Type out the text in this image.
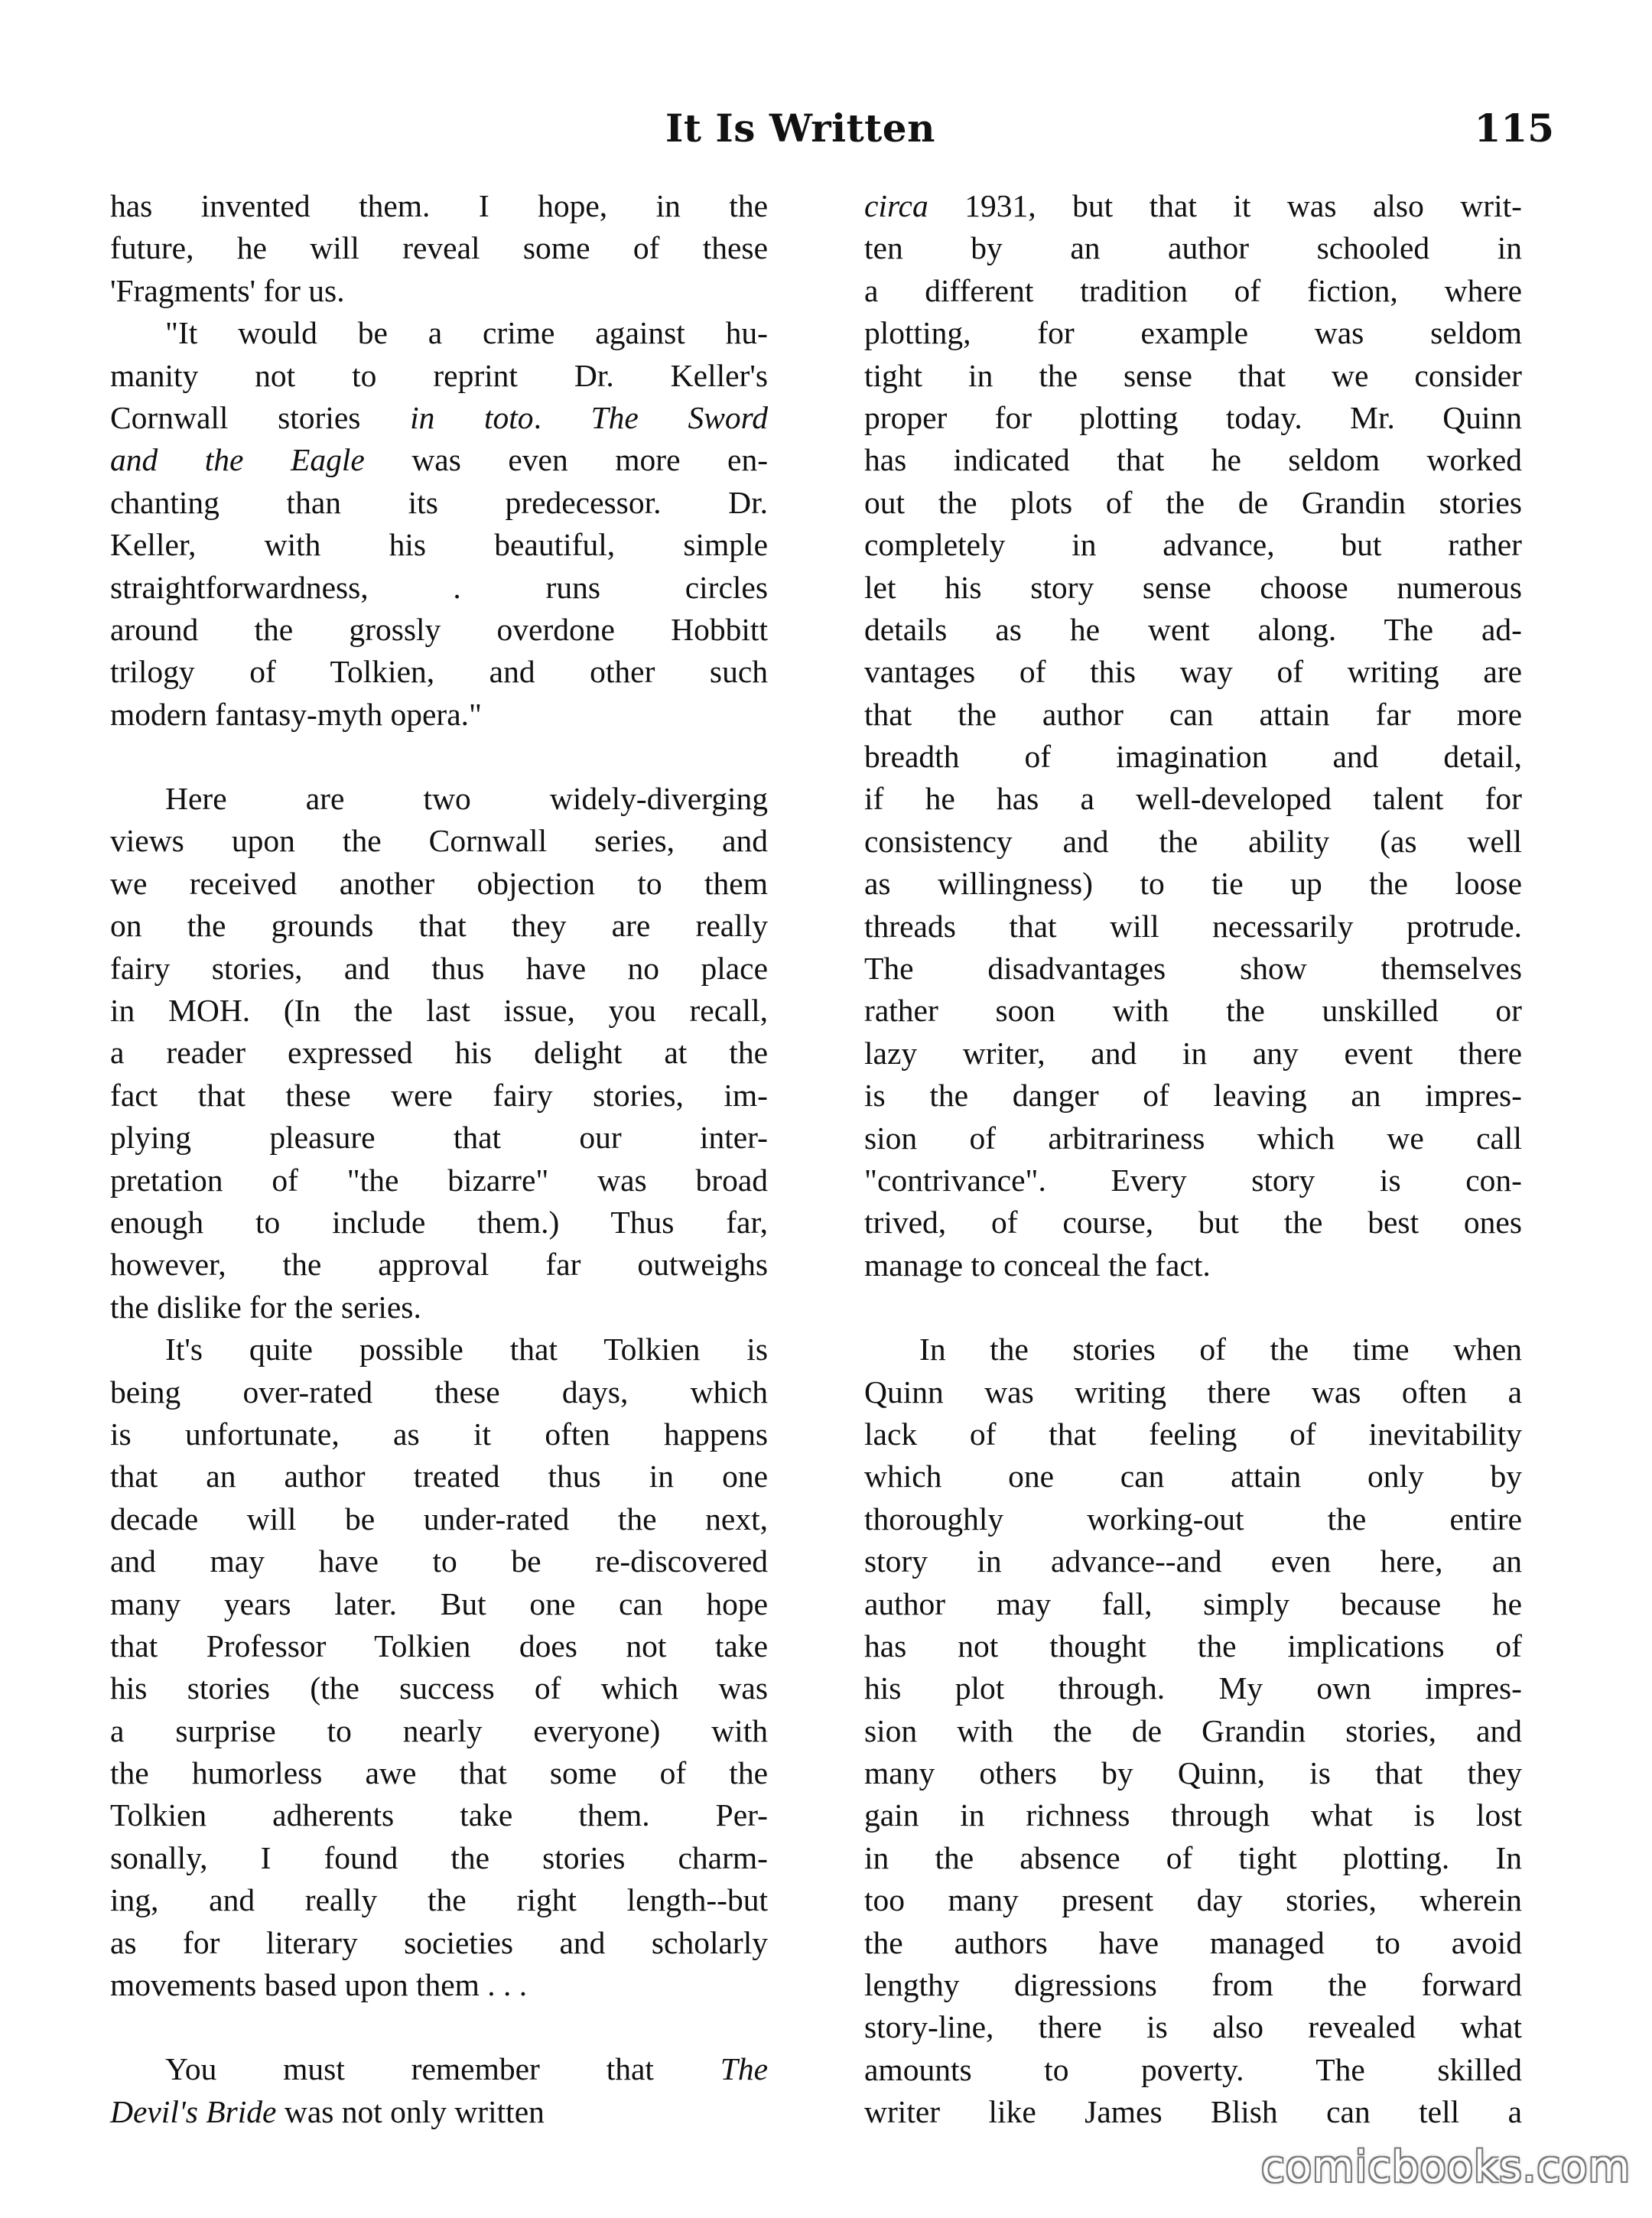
It Is Written	115
has invented them. I hope, in the
future, he will reveal some of these
'Fragments' for us.
"It would be a crime against hu-
manity not to reprint Dr. Keller's
Cornwall stories in toto. The Sword
and the Eagle was even more en-
chanting than its predecessor. Dr.
Keller, with his beautiful, simple
straightforwardness, . runs circles
around the grossly overdone Hobbitt
trilogy of Tolkien, and other such
modern fantasy-myth opera."
Here are two widely-diverging
views upon the Cornwall series, and
we received another objection to them
on the grounds that they are really
fairy stories, and thus have no place
in MOH. (In the last issue, you recall,
a reader expressed his delight at the
fact that these were fairy stories, im-
plying pleasure that our inter-
pretation of "the bizarre" was broad
enough to include them.) Thus far,
however, the approval far outweighs
the dislike for the series.
It's quite possible that Tolkien is
being over-rated these days, which
is unfortunate, as it often happens
that an author treated thus in one
decade will be under-rated the next,
and may have to be re-discovered
many years later. But one can hope
that Professor Tolkien does not take
his stories (the success of which was
a surprise to nearly everyone) with
the humorless awe that some of the
Tolkien adherents take them. Per-
sonally, I found the stories charm-
ing, and really the right length--but
as for literary societies and scholarly
movements based upon them . . .
You must remember that The
Devil's Bride was not only written
circa 1931, but that it was also writ-
ten by an author schooled in
a different tradition of fiction, where
plotting, for example was seldom
tight in the sense that we consider
proper for plotting today. Mr. Quinn
has indicated that he seldom worked
out the plots of the de Grandin stories
completely in advance, but rather
let his story sense choose numerous
details as he went along. The ad-
vantages of this way of writing are
that the author can attain far more
breadth of imagination and detail,
if he has a well-developed talent for
consistency and the ability (as well
as willingness) to tie up the loose
threads that will necessarily protrude.
The disadvantages show themselves
rather soon with the unskilled or
lazy writer, and in any event there
is the danger of leaving an impres-
sion of arbitrariness which we call
"contrivance". Every story is con-
trived, of course, but the best ones
manage to conceal the fact.
In the stories of the time when
Quinn was writing there was often a
lack of that feeling of inevitability
which one can attain only by
thoroughly working-out the entire
story in advance--and even here, an
author may fall, simply because he
has not thought the implications of
his plot through. My own impres-
sion with the de Grandin stories, and
many others by Quinn, is that they
gain in richness through what is lost
in the absence of tight plotting. In
too many present day stories, wherein
the authors have managed to avoid
lengthy digressions from the forward
story-line, there is also revealed what
amounts to poverty. The skilled
writer like James Blish can tell a
comicbooks.com
